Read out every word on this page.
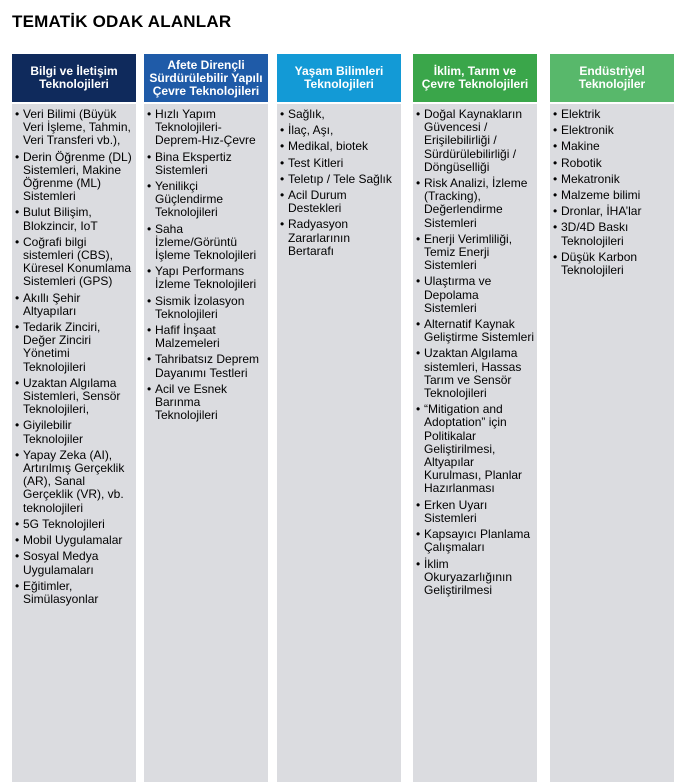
TEMATİK ODAK ALANLAR
Bilgi ve İletişim Teknolojileri
• Veri Bilimi (Büyük Veri İşleme, Tahmin, Veri Transferi vb.),
• Derin Öğrenme (DL) Sistemleri, Makine Öğrenme (ML) Sistemleri
• Bulut Bilişim, Blokzincir, IoT
• Coğrafi bilgi sistemleri (CBS), Küresel Konumlama Sistemleri (GPS)
• Akıllı Şehir Altyapıları
• Tedarik Zinciri, Değer Zinciri Yönetimi Teknolojileri
• Uzaktan Algılama Sistemleri, Sensör Teknolojileri,
• Giyilebilir Teknolojiler
• Yapay Zeka (AI), Artırılmış Gerçeklik (AR), Sanal Gerçeklik (VR), vb. teknolojileri
• 5G Teknolojileri
• Mobil Uygulamalar
• Sosyal Medya Uygulamaları
• Eğitimler, Simülasyonlar
Afete Dirençli Sürdürülebilir Yapılı Çevre Teknolojileri
• Hızlı Yapım Teknolojileri-Deprem-Hız-Çevre
• Bina Ekspertiz Sistemleri
• Yenilikçi Güçlendirme Teknolojileri
• Saha İzleme/Görüntü İşleme Teknolojileri
• Yapı Performans İzleme Teknolojileri
• Sismik İzolasyon Teknolojileri
• Hafif İnşaat Malzemeleri
• Tahribatsız Deprem Dayanımı Testleri
• Acil ve Esnek Barınma Teknolojileri
Yaşam Bilimleri Teknolojileri
• Sağlık,
• İlaç, Aşı,
• Medikal, biotek
• Test Kitleri
• Teletıp / Tele Sağlık
• Acil Durum Destekleri
• Radyasyon Zararlarının Bertarafı
İklim, Tarım ve Çevre Teknolojileri
• Doğal Kaynakların Güvencesi / Erişilebilirliği / Sürdürülebilirliği / Döngüselliği
• Risk Analizi, İzleme (Tracking), Değerlendirme Sistemleri
• Enerji Verimliliği, Temiz Enerji Sistemleri
• Ulaştırma ve Depolama Sistemleri
• Alternatif Kaynak Geliştirme Sistemleri
• Uzaktan Algılama sistemleri, Hassas Tarım ve Sensör Teknolojileri
• “Mitigation and Adoptation” için Politikalar Geliştirilmesi, Altyapılar Kurulması, Planlar Hazırlanması
• Erken Uyarı Sistemleri
• Kapsayıcı Planlama Çalışmaları
• İklim Okuryazarlığının Geliştirilmesi
Endüstriyel Teknolojiler
• Elektrik
• Elektronik
• Makine
• Robotik
• Mekatronik
• Malzeme bilimi
• Dronlar, İHA’lar
• 3D/4D Baskı Teknolojileri
• Düşük Karbon Teknolojileri
